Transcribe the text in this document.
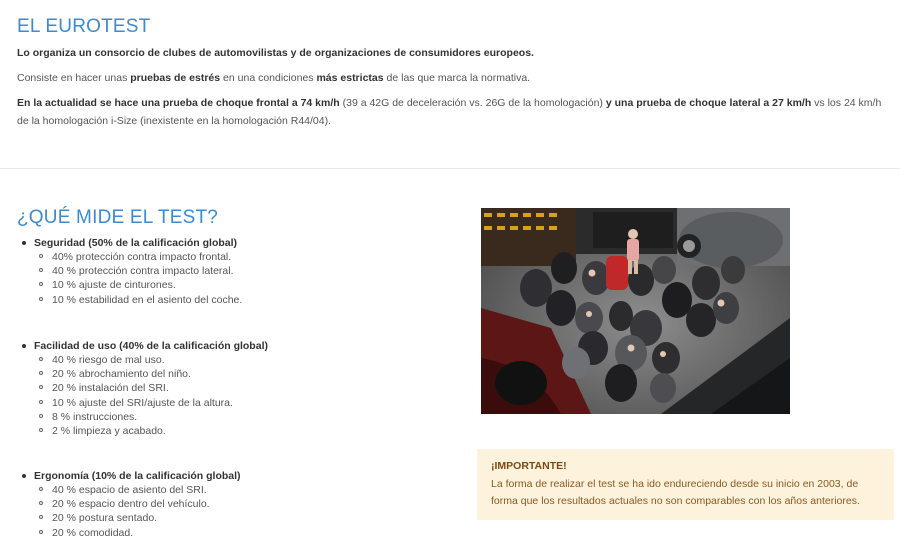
EL EUROTEST

Lo organiza un consorcio de clubes de automovilistas y de organizaciones de consumidores europeos.

Consiste en hacer unas pruebas de estrés en una condiciones más estrictas de las que marca la normativa.

En la actualidad se hace una prueba de choque frontal a 74 km/h (39 a 42G de deceleración vs. 26G de la homologación) y una prueba de choque lateral a 27 km/h vs los 24 km/h de la homologación i-Size (inexistente en la homologación R44/04).

¿QUÉ MIDE EL TEST?
Seguridad (50% de la calificación global)
40% protección contra impacto frontal.
40 % protección contra impacto lateral.
10 % ajuste de cinturones.
10 % estabilidad en el asiento del coche.
Facilidad de uso (40% de la calificación global)
40 % riesgo de mal uso.
20 % abrochamiento del niño.
20 % instalación del SRI.
10 % ajuste del SRI/ajuste de la altura.
8 % instrucciones.
2 % limpieza y acabado.
Ergonomía (10% de la calificación global)
40 % espacio de asiento del SRI.
20 % espacio dentro del vehículo.
20 % postura sentado.
20 % comodidad.
¡IMPORTANTE!
La forma de realizar el test se ha ido endureciendo desde su inicio en 2003, de forma que los resultados actuales no son comparables con los años anteriores.
